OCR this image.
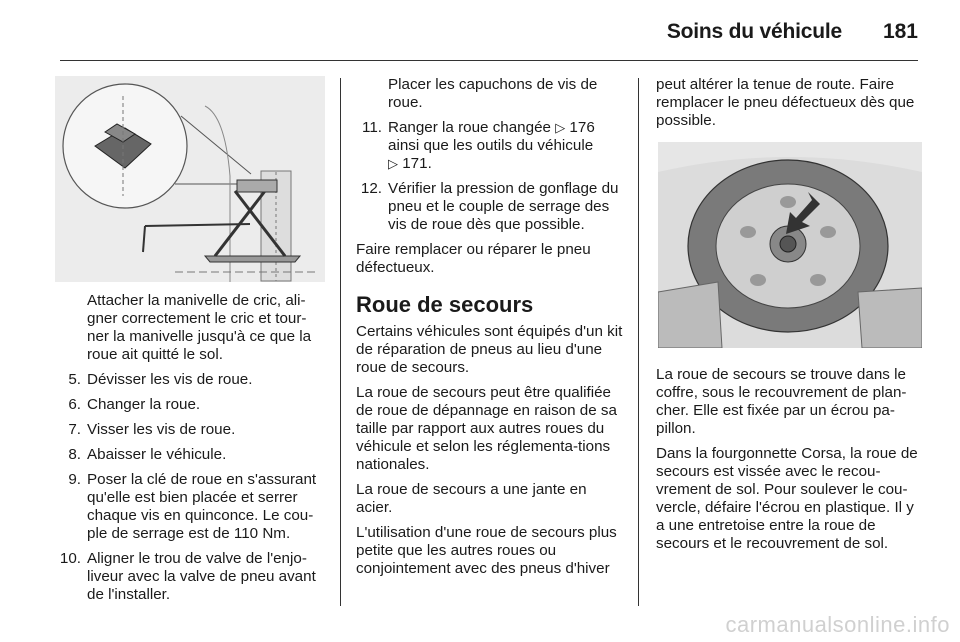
Soins du véhicule 181
Attacher la manivelle de cric, ali-gner correctement le cric et tour-ner la manivelle jusqu'à ce que la roue ait quitté le sol.
5. Dévisser les vis de roue.
6. Changer la roue.
7. Visser les vis de roue.
8. Abaisser le véhicule.
9. Poser la clé de roue en s'assurant qu'elle est bien placée et serrer chaque vis en quinconce. Le cou-ple de serrage est de 110 Nm.
10. Aligner le trou de valve de l'enjo-liveur avec la valve de pneu avant de l'installer.
Placer les capuchons de vis de roue.
11. Ranger la roue changée ▷ 176 ainsi que les outils du véhicule ▷ 171.
12. Vérifier la pression de gonflage du pneu et le couple de serrage des vis de roue dès que possible.

Faire remplacer ou réparer le pneu défectueux.

Roue de secours

Certains véhicules sont équipés d'un kit de réparation de pneus au lieu d'une roue de secours.

La roue de secours peut être qualifiée de roue de dépannage en raison de sa taille par rapport aux autres roues du véhicule et selon les réglementa-tions nationales.

La roue de secours a une jante en acier.

L'utilisation d'une roue de secours plus petite que les autres roues ou conjointement avec des pneus d'hiver

peut altérer la tenue de route. Faire remplacer le pneu défectueux dès que possible.

La roue de secours se trouve dans le coffre, sous le recouvrement de plan-cher. Elle est fixée par un écrou pa-pillon.

Dans la fourgonnette Corsa, la roue de secours est vissée avec le recou-vrement de sol. Pour soulever le cou-vercle, défaire l'écrou en plastique. Il y a une entretoise entre la roue de secours et le recouvrement de sol.

carmanualsonline.info
